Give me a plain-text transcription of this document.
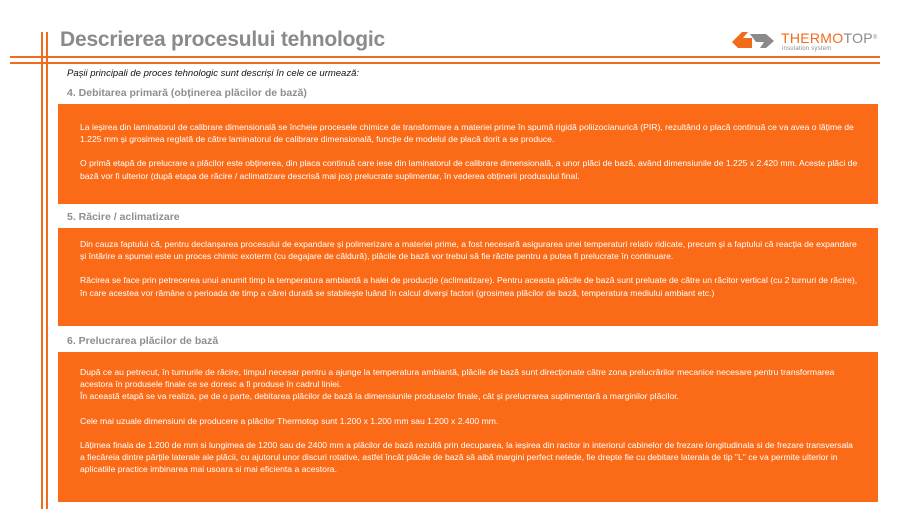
Descrierea procesului tehnologic	THERMOTOP®
insulation system
Pașii principali de proces tehnologic sunt descriși în cele ce urmează:
4. Debitarea primară (obținerea plăcilor de bază)

La ieșirea din laminatorul de calibrare dimensională se încheie procesele chimice de transformare a materiei prime în spumă rigidă poliizocianurică (PIR), rezultând o placă continuă ce va avea o lățime de 1.225 mm și grosimea reglată de către laminatorul de calibrare dimensională, funcție de modelul de placă dorit a se produce.

O primă etapă de prelucrare a plăcilor este obținerea, din placa continuă care iese din laminatorul de calibrare dimensională, a unor plăci de bază, având dimensiunile de 1.225 x 2.420 mm. Aceste plăci de bază vor fi ulterior (după etapa de răcire / aclimatizare descrisă mai jos) prelucrate suplimentar, în vederea obținerii produsului final.

5. Răcire / aclimatizare

Din cauza faptului că, pentru declanșarea procesului de expandare și polimerizare a materiei prime, a fost necesară asigurarea unei temperaturi relativ ridicate, precum și a faptului că reacția de expandare și întărire a spumei este un proces chimic exoterm (cu degajare de căldură), plăcile de bază vor trebui să fie răcite pentru a putea fi prelucrate în continuare.

Răcirea se face prin petrecerea unui anumit timp la temperatura ambiantă a halei de producție (aclimatizare). Pentru aceasta plăcile de bază sunt preluate de către un răcitor vertical (cu 2 turnuri de răcire), în care acestea vor rămâne o perioada de timp a cărei durată se stabilește luând în calcul diverși factori (grosimea plăcilor de bază, temperatura mediului ambiant etc.)

6. Prelucrarea plăcilor de bază

După ce au petrecut, în turnurile de răcire, timpul necesar pentru a ajunge la temperatura ambiantă, plăcile de bază sunt direcționate către zona prelucrărilor mecanice necesare pentru transformarea acestora în produsele finale ce se doresc a fi produse în cadrul liniei.

În această etapă se va realiza, pe de o parte, debitarea plăcilor de bază la dimensiunile produselor finale, cât și prelucrarea suplimentară a marginilor plăcilor.

Cele mai uzuale dimensiuni de producere a plăcilor Thermotop sunt 1.200 x 1.200 mm sau 1.200 x 2.400 mm.

Lățimea finala de 1.200 de mm si lungimea de 1200 sau de 2400 mm a plăcilor de bază rezultă prin decuparea, la ieșirea din racitor in interiorul cabinelor de frezare longitudinala si de frezare transversala a fiecăreia dintre părțile laterale ale plăcii, cu ajutorul unor discuri rotative, astfel încât plăcile de bază să aibă margini perfect netede, fie drepte fie cu debitare laterala de tip "L" ce va permite ulterior in aplicatiile practice imbinarea mai usoara si mai eficienta a acestora.
